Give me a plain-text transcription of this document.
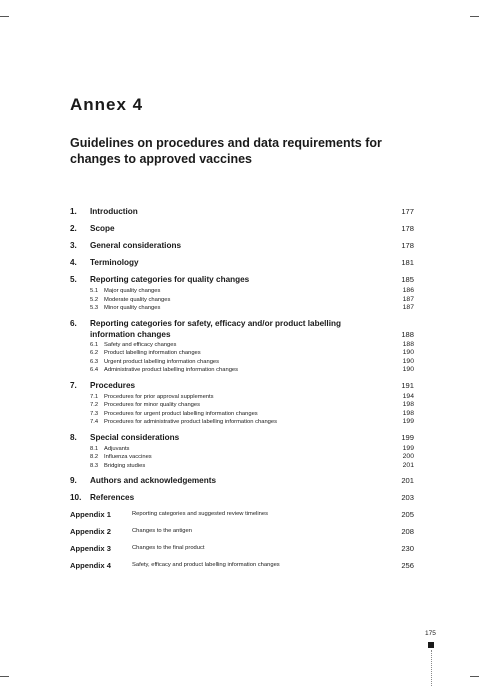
Annex 4
Guidelines on procedures and data requirements for changes to approved vaccines
1. Introduction	177
2. Scope	178
3. General considerations	178
4. Terminology	181
5. Reporting categories for quality changes	185
5.1 Major quality changes	186
5.2 Moderate quality changes	187
5.3 Minor quality changes	187
6. Reporting categories for safety, efficacy and/or product labelling
information changes	188
6.1 Safety and efficacy changes	188
6.2 Product labelling information changes	190
6.3 Urgent product labelling information changes	190
6.4 Administrative product labelling information changes	190
7. Procedures	191
7.1 Procedures for prior approval supplements	194
7.2 Procedures for minor quality changes	198
7.3 Procedures for urgent product labelling information changes	198
7.4 Procedures for administrative product labelling information changes	199
8. Special considerations	199
8.1 Adjuvants	199
8.2 Influenza vaccines	200
8.3 Bridging studies	201
9. Authors and acknowledgements	201
10. References	203
Appendix 1	Reporting categories and suggested review timelines	205
Appendix 2	Changes to the antigen	208
Appendix 3	Changes to the final product	230
Appendix 4	Safety, efficacy and product labelling information changes	256
175
